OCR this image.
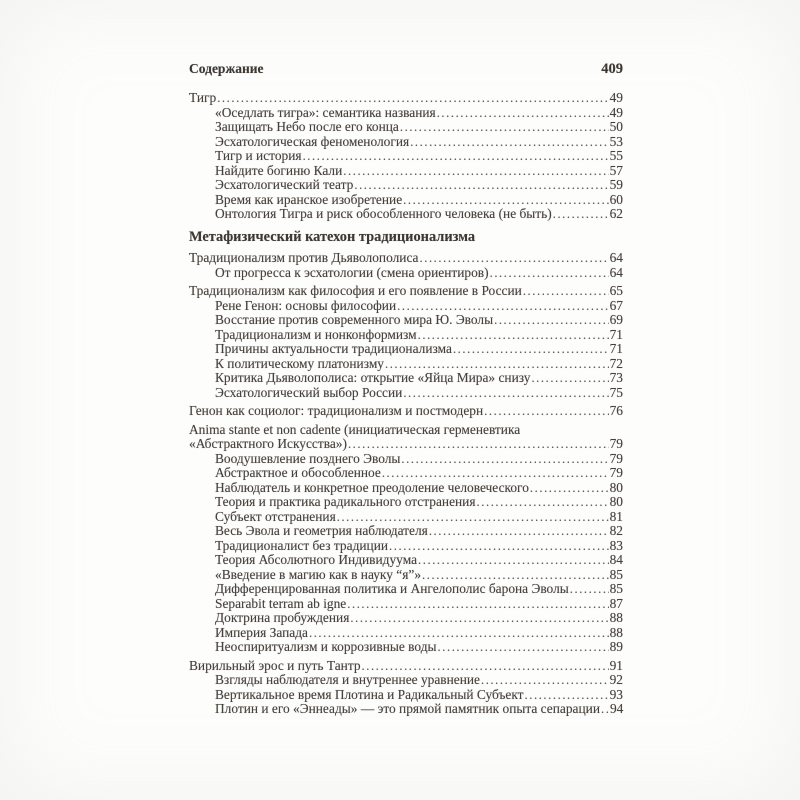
Содержание	409
Тигр .....	49
«Оседлать тигра»: семантика названия .....	49
Защищать Небо после его конца .....	50
Эсхатологическая феноменология .....	53
Тигр и история .....	55
Найдите богиню Кали .....	57
Эсхатологический театр .....	59
Время как иранское изобретение .....	60
Онтология Тигра и риск обособленного человека (не быть) .....	62
Метафизический катехон традиционализма
Традиционализм против Дьяволополиса .....	64
От прогресса к эсхатологии (смена ориентиров) .....	64
Традиционализм как философия и его появление в России .....	65
Рене Генон: основы философии .....	67
Восстание против современного мира Ю. Эволы .....	69
Традиционализм и нонконформизм .....	71
Причины актуальности традиционализма .....	71
К политическому платонизму .....	72
Критика Дьяволополиса: открытие «Яйца Мира» снизу .....	73
Эсхатологический выбор России .....	75
Генон как социолог: традиционализм и постмодерн .....	76
Anima stante et non cadente (инициатическая герменевтика
«Абстрактного Искусства») .....	79
Воодушевление позднего Эволы .....	79
Абстрактное и обособленное .....	79
Наблюдатель и конкретное преодоление человеческого .....	80
Теория и практика радикального отстранения .....	80
Субъект отстранения .....	81
Весь Эвола и геометрия наблюдателя .....	82
Традиционалист без традиции .....	83
Теория Абсолютного Индивидуума .....	84
«Введение в магию как в науку “я”» .....	85
Дифференцированная политика и Ангелополис барона Эволы .....	85
Separabit terram ab igne .....	87
Доктрина пробуждения .....	88
Империя Запада .....	88
Неоспиритуализм и коррозивные воды .....	89
Вирильный эрос и путь Тантр .....	91
Взгляды наблюдателя и внутреннее уравнение .....	92
Вертикальное время Плотина и Радикальный Субъект .....	93
Плотин и его «Эннеады» — это прямой памятник опыта сепарации ..... 94
